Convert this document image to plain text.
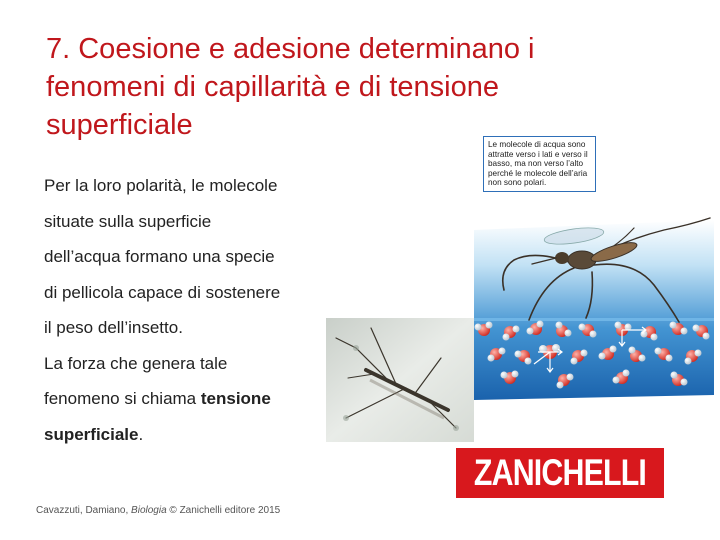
7. Coesione e adesione determinano i
fenomeni di capillarità e di tensione
superficiale
Per la loro polarità, le molecole
situate sulla superficie
dell’acqua formano una specie
di pellicola capace di sostenere
il peso dell’insetto.
La forza che genera tale
fenomeno si chiama tensione
superficiale.
Le molecole di acqua sono
attratte verso i lati e verso il
basso, ma non verso l’alto
perché le molecole dell’aria
non sono polari.
ZANICHELLI
Cavazzuti, Damiano, Biologia © Zanichelli editore 2015
